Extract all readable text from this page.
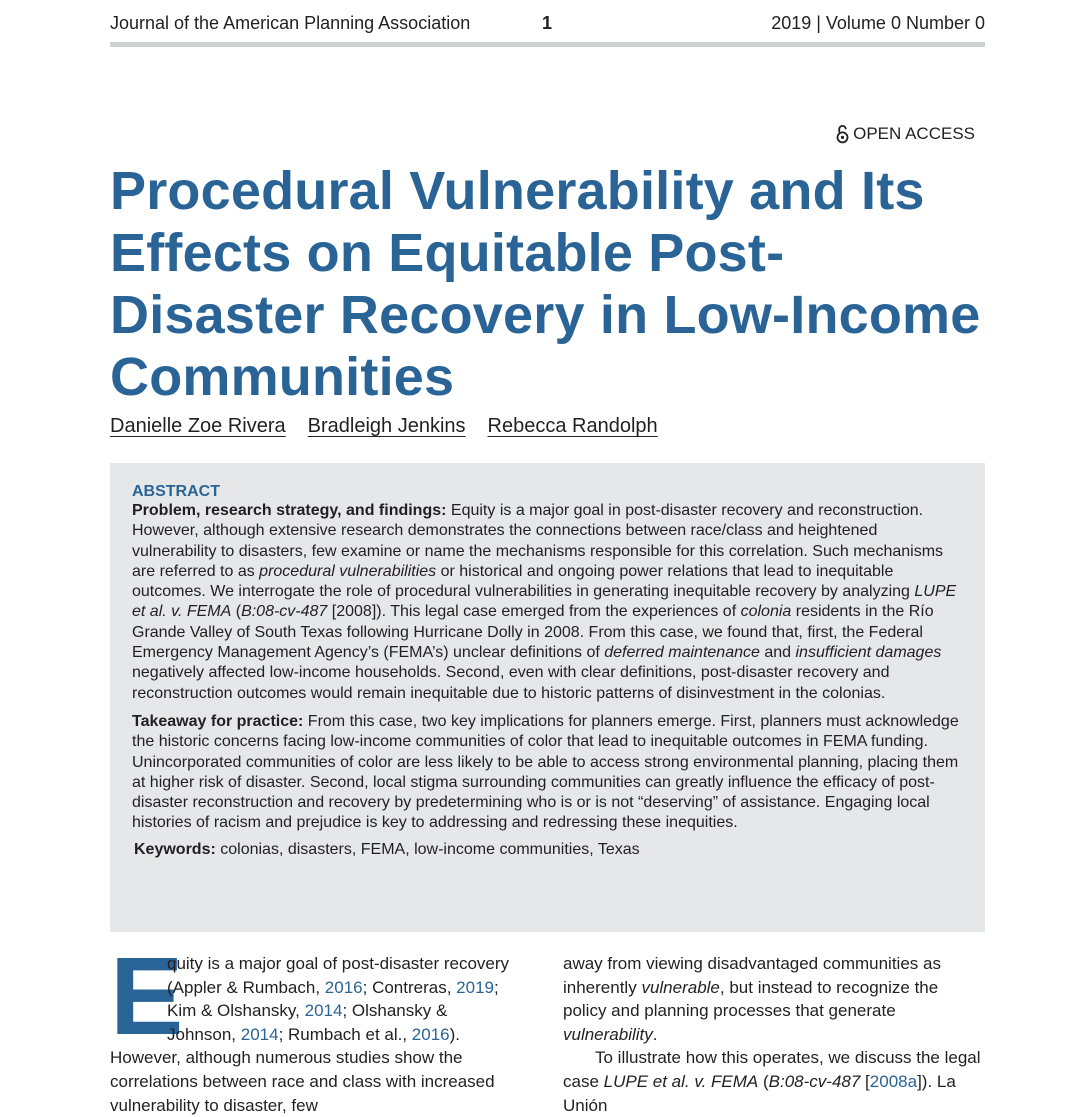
Journal of the American Planning Association	1	2019 | Volume 0 Number 0
OPEN ACCESS
Procedural Vulnerability and Its Effects on Equitable Post-Disaster Recovery in Low-Income Communities
Danielle Zoe Rivera Bradleigh Jenkins Rebecca Randolph
ABSTRACT

Problem, research strategy, and findings: Equity is a major goal in post-disaster recovery and reconstruction. However, although extensive research demonstrates the connections between race/class and heightened vulnerability to disasters, few examine or name the mechanisms responsible for this correlation. Such mechanisms are referred to as procedural vulnerabilities or historical and ongoing power relations that lead to inequitable outcomes. We interrogate the role of procedural vulnerabilities in generating inequitable recovery by analyzing LUPE et al. v. FEMA (B:08-cv-487 [2008]). This legal case emerged from the experiences of colonia residents in the Río Grande Valley of South Texas following Hurricane Dolly in 2008. From this case, we found that, first, the Federal Emergency Management Agency’s (FEMA’s) unclear definitions of deferred maintenance and insufficient damages negatively affected low-income households. Second, even with clear definitions, post-disaster recovery and reconstruction outcomes would remain inequitable due to historic patterns of disinvestment in the colonias.

Takeaway for practice: From this case, two key implications for planners emerge. First, planners must acknowledge the historic concerns facing low-income communities of color that lead to inequitable outcomes in FEMA funding. Unincorporated communities of color are less likely to be able to access strong environmental planning, placing them at higher risk of disaster. Second, local stigma surrounding communities can greatly influence the efficacy of post-disaster reconstruction and recovery by predetermining who is or is not “deserving” of assistance. Engaging local histories of racism and prejudice is key to addressing and redressing these inequities.

Keywords: colonias, disasters, FEMA, low-income communities, Texas

E

quity is a major goal of post-disaster recovery (Appler & Rumbach, 2016; Contreras, 2019; Kim & Olshansky, 2014; Olshansky & Johnson, 2014; Rumbach et al., 2016). However, although numerous studies show the correlations between race and class with increased vulnerability to disaster, few

away from viewing disadvantaged communities as inherently vulnerable, but instead to recognize the policy and planning processes that generate vulnerability.

To illustrate how this operates, we discuss the legal case LUPE et al. v. FEMA (B:08-cv-487 [2008a]). La Unión
